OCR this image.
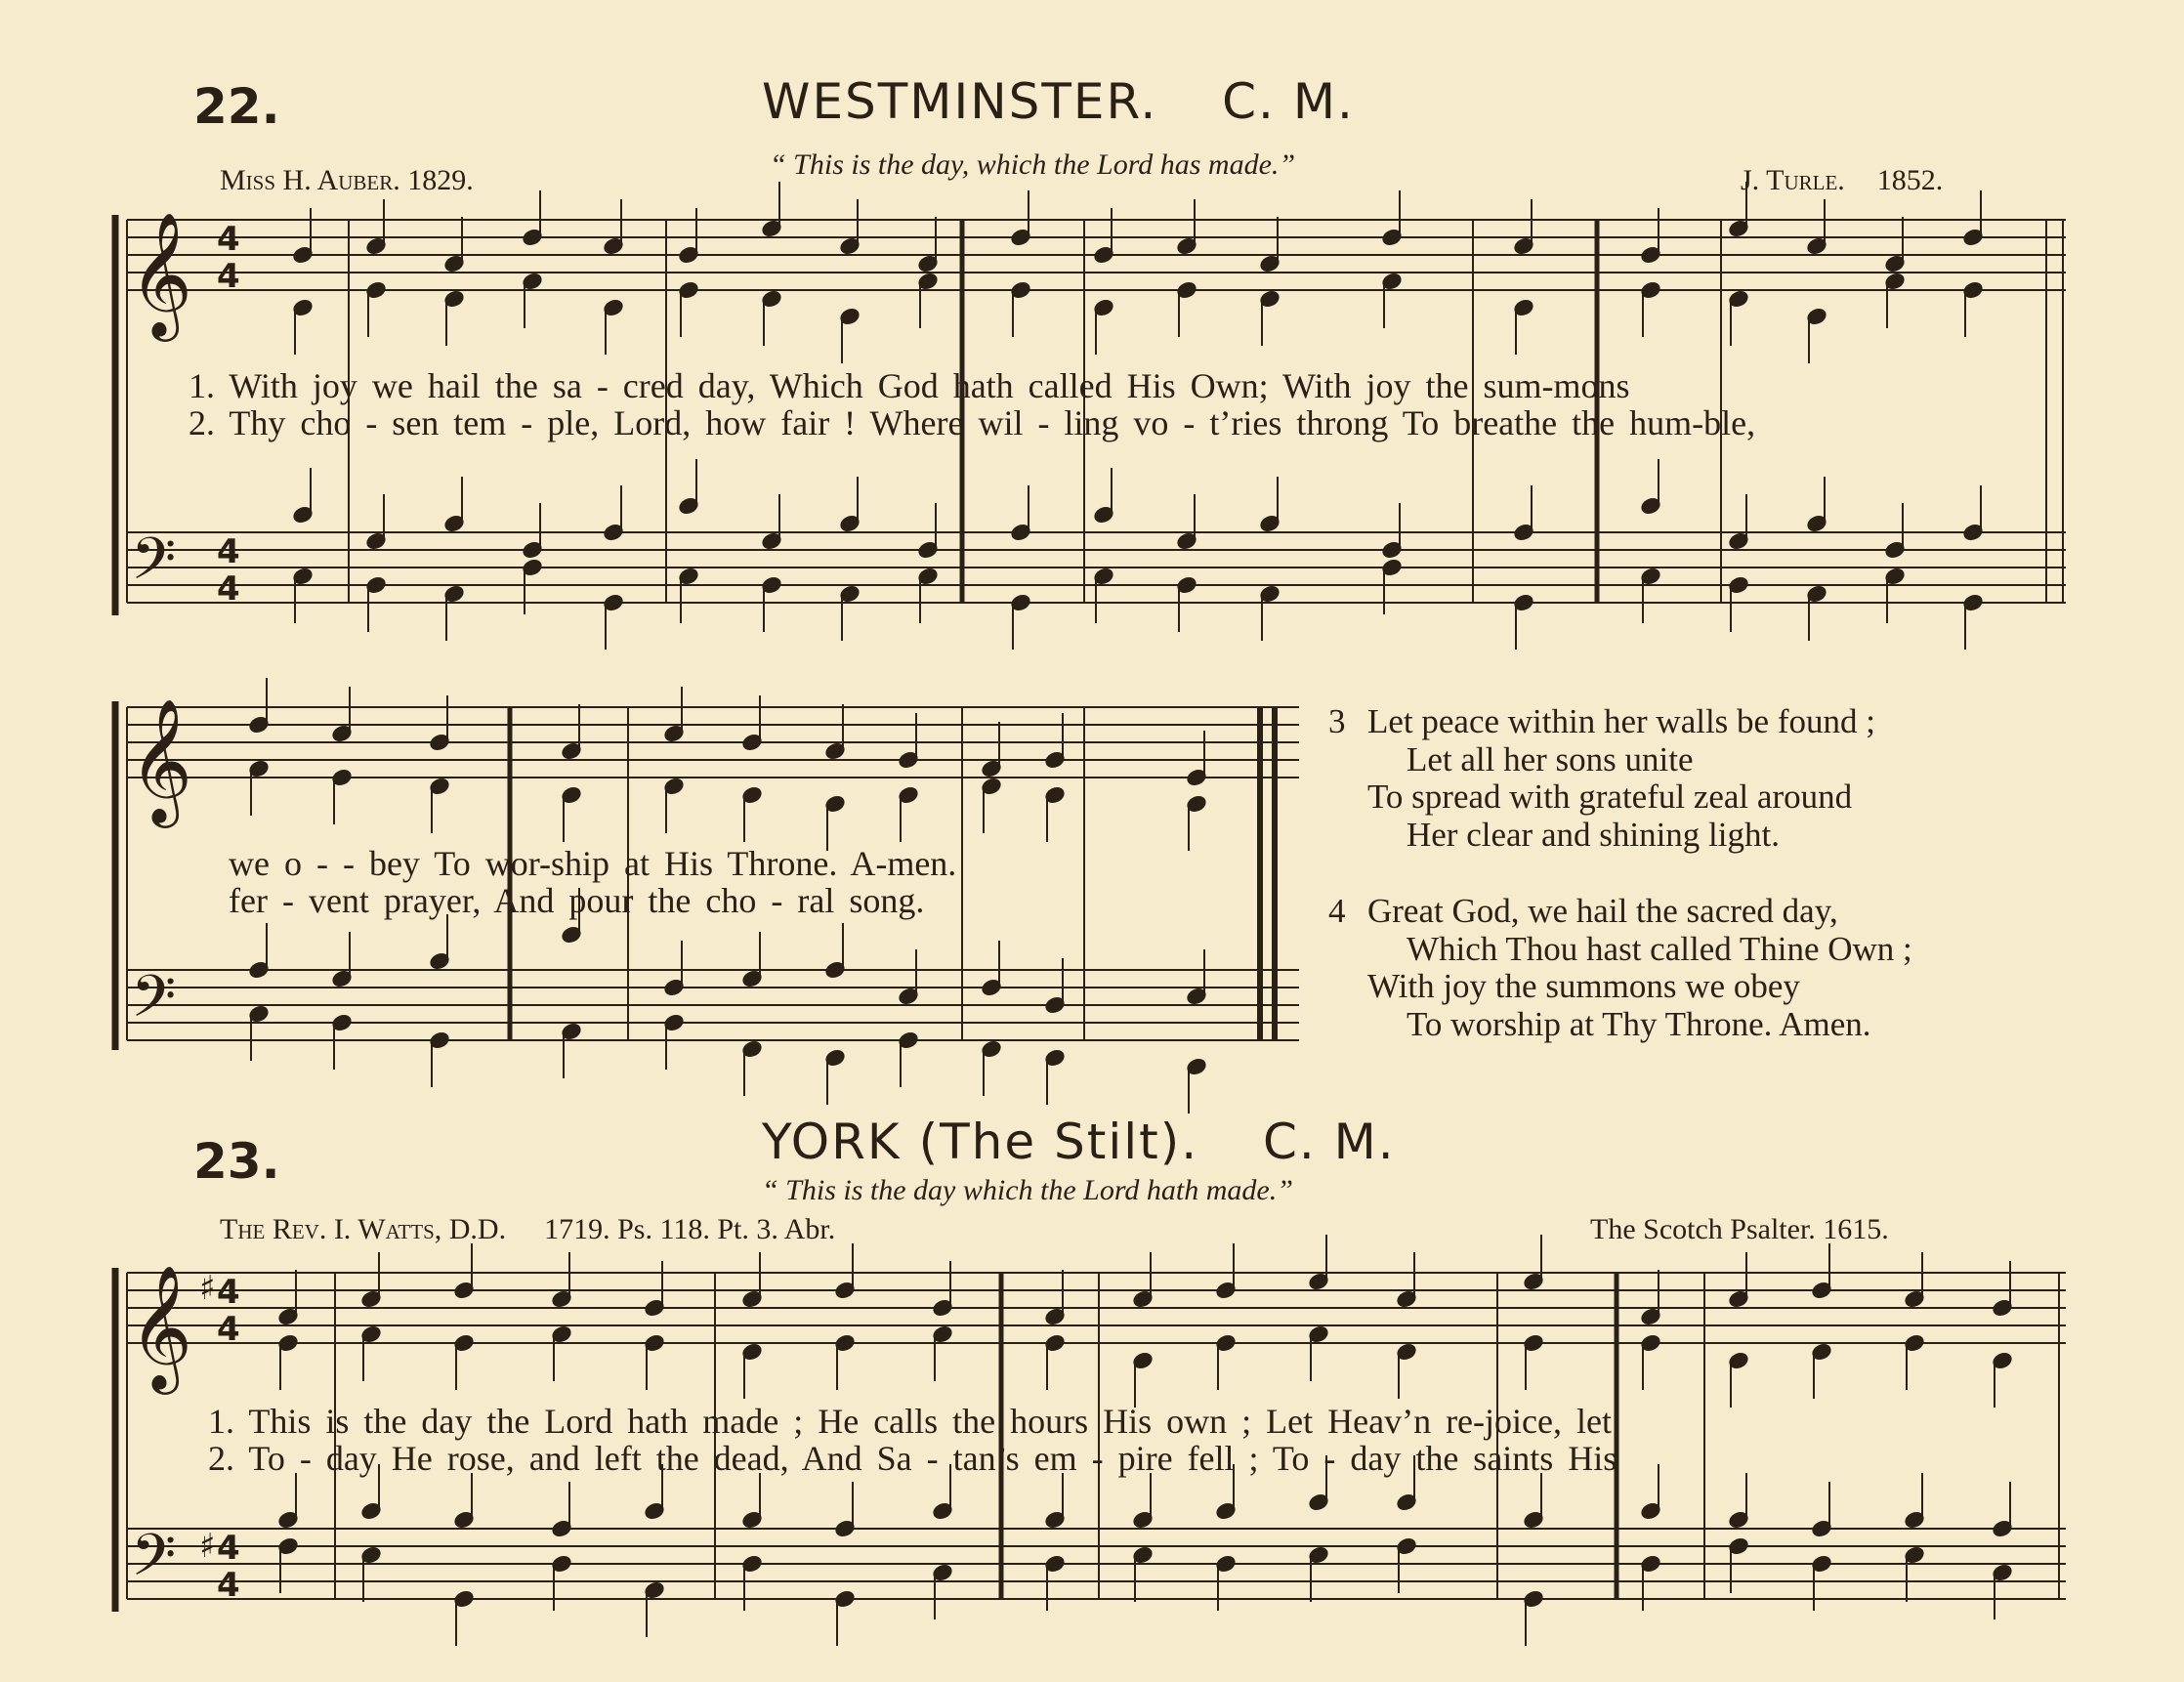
22.	WESTMINSTER. C. M.
“ This is the day, which the Lord has made.”
Miss H. Auber. 1829.	J. Turle. 1852.
𝄞
𝄢
𝄞
𝄢
𝄞
𝄢
4
4
4
4
4
4
4
4
♯
♯
1. With joy we hail the sa - cred day, Which God hath called His Own; With joy the sum-mons
2. Thy cho - sen tem - ple, Lord, how fair ! Where wil - ling vo - t’ries throng To breathe the hum-ble,
we o - - bey To wor-ship at His Throne. A-men.
fer - vent prayer, And pour the cho - ral song.
3 Let peace within her walls be found ;
Let all her sons unite
To spread with grateful zeal around
Her clear and shining light.
4 Great God, we hail the sacred day,
Which Thou hast called Thine Own ;
With joy the summons we obey
To worship at Thy Throne. Amen.
23.	YORK (The Stilt). C. M.
“ This is the day which the Lord hath made.”
The Rev. I. Watts, D.D. 1719. Ps. 118. Pt. 3. Abr.	The Scotch Psalter. 1615.
1. This is the day the Lord hath made ; He calls the hours His own ; Let Heav’n re-joice, let
2. To - day He rose, and left the dead, And Sa - tan’s em - pire fell ; To - day the saints His
